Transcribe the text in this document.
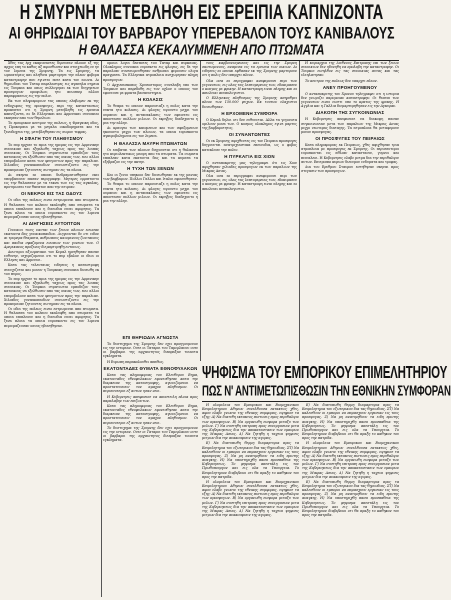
Η ΣΜΥΡΝΗ ΜΕΤΕΒΛΗΘΗ ΕΙΣ ΕΡΕΙΠΙΑ ΚΑΠΝΙΖΟΝΤΑ
ΑΙ ΘΗΡΙΩΔΙΑΙ ΤΟΥ ΒΑΡΒΑΡΟΥ ΥΠΕΡΕΒΑΛΟΝ ΤΟΥΣ ΚΑΝΙΒΑΛΟΥΣ
Η ΘΑΛΑΣΣΑ ΚΕΚΑΛΥΜΜΕΝΗ ΑΠΟ ΠΤΩΜΑΤΑ

Χθες τας έρχ εκαμυσαντες διρευσαν πλοιον εξ της αρχος επη το καθος αξ αφοσθωσεν και στοιχειωδη εν ην τον λιμενα της Σμυρνης. Τα εις Σμυρνης, τα ωραιατέρεις και αληθινα μαρτυρησε την πλεον φοβερα καταστροφην που εγινετο ποτε κατα τον αιωνα. Αι θηριωδιαι του Ταταρ παρελαστρες εις αγαπηλα σημεια εις Τουρκια και οπως συλλογεμαι εκ των διηγησεων προσφυγων ομοφυλων, ητο ανωσπερ αλλου παραφρασεως εις την πολιν.

Εκ των πληροφοριων τας οποιας ελαβομεν εκ της ενδοχωρας της προσφυγες, περι της καταστασεως προκυπτει οτι η Σμυρνη μετεβληθη εις ερειπια καπνιζοντα, αι δε Ελληνικαι και Αρμενικαι συνοικιαι εκαησαν απο των θεμελιων.

Το εμπορικον κεντρον της πολεως, η Φραγκικη οδος, η Προκυμαια με τα μεγαλα οικοδομηματα και τα ξενοδοχεια της, μετεβληθησαν εις σωρον τεφρας.

Η ΣΦΑΓΗ ΤΟΥ ΠΛΗΘΥΣΜΟΥ

Το πυρ ηρχισε το πρωι της ημερας εις την Αρμενικην συνοικιαν και εξηπλωθη ταχεως προς τας λοιπας συνοικιας. Οι Τουρκοι στρατιωται εμποδιζον τους κατοικους να εξελθωσιν απο τας οικιας των, ενω αλλοι επυροβολουν κατα των φευγοντων προς την παραλιαν. Χιλιαδες γυναικοπαιδων συνωστιζοντο εις την προκυμαιαν ζητουντες σωτηριαν εις τα πλοια.

Αι σκηναι αι οποιαι διεδραματισθησαν εκει υπερβαινουν πασαν περιγραφην. Μητερες ερριπτοντο εις την θαλασσαν με τα τεκνα των εις τας αγκαλας, προτιμωσαι τον θανατον απο την ατιμιαν.

ΟΙ ΝΕΚΡΟΙ ΕΙΣ ΤΑΣ ΟΔΟΥΣ

Οι οδοι της πολεως ειναι εστρωμεναι απο πτωματα. Η θαλασσα του κολπου εκαλυφθη απο πτωματα τα οποια επιπλεουν και η δυσωδια ειναι αφορητος. Τα ξενα πλοια τα οποια ευρισκοντο εις τον λιμενα περιεμαζευσαν οσους ηδυνηθησαν.

ΑΙ ΔΙΗΓΗΣΕΙΣ ΑΥΤΟΠΤΩΝ

Γενναιοι τινες ναυται των ξενων πλοιων εσωσαν εκατοντα δας γυναικοπαιδων. Διηγουνται δε οτι ειδον αι τρομερα θεαματα, ανθρωπους καιομενους ζωντανους και παιδια σφαζομενα ενωπιον των γονεων των. Ο Αμερικανος προξενος διεμαρτυρηθη εντονως.

Ανωτεροι αξιωματικοι του Κεμαλ ηρνηθησαν πασαν ευθυνην, ισχυριζομενοι οτι το πυρ εβαλον οι ιδιοι οι Ελληνες και Αρμενιοι.

Κατα τας τελευταιας ειδησεις η καταστροφη συνεχιζεται και μονον η Τουρκικη συνοικια διεσωθη εκ του πυρος.

Το πυρ ηρχισε το πρωι της ημερας εις την Αρμενικην συνοικιαν και εξηπλωθη ταχεως προς τας λοιπας συνοικιας. Οι Τουρκοι στρατιωται εμποδιζον τους κατοικους να εξελθωσιν απο τας οικιας των, ενω αλλοι επυροβολουν κατα των φευγοντων προς την παραλιαν. Χιλιαδες γυναικοπαιδων συνωστιζοντο εις την προκυμαιαν ζητουντες σωτηριαν εις τα πλοια.

Οι οδοι της πολεως ειναι εστρωμεναι απο πτωματα. Η θαλασσα του κολπου εκαλυφθη απο πτωματα τα οποια επιπλεουν και η δυσωδια ειναι αφορητος. Τα ξενα πλοια τα οποια ευρισκοντο εις τον λιμενα περιεμαζευσαν οσους ηδυνηθησαν.

ομοιοι λογοι δεσποτες του Ταταρ και πυρκαιας. Ολοκληρος συνοικια ευρισκετο εις φλογας, εις δε την παραλιαν συνεσωρευθησαν ανθρωποι φερουσιν ολιγα πραγματα. Τα Ελληνικα ατμοπλοια ανεχωρησαν πληρη προσφυγων.

Ο Αρχιεπισκοπος Χρυσοστομος συνελαβη υπο των Τουρκων και παρεδοθη εις τον οχλον ο οποιος τον εφονευσε με φρικτα βασανιστηρια.

Η ΚΟΛΑΣΙΣ

Το θεαμα το οποιον παρουσιαζε η πολις κατα την νυκτα ητο κολασις. Αι φλογες υψουντο μεχρι του ουρανου και η αντανακλασις των εφαινετο εις αποστασιν πολλων μιλιων. Οι εκρηξεις διαδεχοντο η μια την αλλην.

Αι κραυγαι των καιομενων και των σφαζομενων ηκουοντο μεχρι των πλοιων, τα οποια ευρισκοντο αγκυροβολημενα εις τον λιμενα.

Η ΘΑΛΑΣΣΑ ΜΑΥΡΗ ΠΤΩΜΑΤΩΝ

Οι επιβαται των πλοιων διηγουνται οτι η θαλασσα ητο κυριολεκτικως μαυρη απο τα πτωματα. Τα σωματα επιπλεαν κατα εκατοντα δας και τα κυματα τα εξεβραζον εις την ακτην.

Η ΤΥΧΗ ΤΩΝ ΞΕΝΩΝ

Και οι ξενοι υπηκοοι δεν διεσωθησαν εκ της μανιας των βαρβαρων. Πολλοι Γαλλοι και Ιταλοι εφονευθησαν.

Το θεαμα το οποιον παρουσιαζε η πολις κατα την νυκτα ητο κολασις. Αι φλογες υψουντο μεχρι του ουρανου και η αντανακλασις των εφαινετο εις αποστασιν πολλων μιλιων. Οι εκρηξεις διαδεχοντο η μια την αλλην.

ΕΠΙ ΘΗΡΙΩΔΙΑ ΑΓΝΩΣΤΑ

Το δυστυχημα της Σμυρνης δεν εχει προηγουμενον εις την ιστοριαν. Ουτε οι Ταταροι του Ταμερλανου ουτε οι βαρβαροι της αρχαιοτητος διεπραξαν τοιαυτα εγκληματα.

Η Ευρωπη παρακολουθει απαθως.

ΕΚΑΤΟΝΤΑΔΕΣ ΘΥΜΑΤΑ ΕΘΝΟΦΥΛΑΚΩΝ

Κατα τας πληροφοριας του Ελευθερου Βημα, εκατονταδες εθνοφυλακων εφονευθησαν κατα την διαρκειαν της καταστροφης, αγωνιζομενοι να προστατευσουν τον αμαχον πληθυσμον. Οι περισσοτεροι εξ αυτων ησαν νεοι.

Η Κυβερνησις απεφασισε να αποστειλη πλοια προς παραλαβην των επιζωντων.

Κατα τας πληροφοριας του Ελευθερου Βημα, εκατονταδες εθνοφυλακων εφονευθησαν κατα την διαρκειαν της καταστροφης, αγωνιζομενοι να προστατευσουν τον αμαχον πληθυσμον. Οι περισσοτεροι εξ αυτων ησαν νεοι.

Το δυστυχημα της Σμυρνης δεν εχει προηγουμενον εις την ιστοριαν. Ουτε οι Ταταροι του Ταμερλανου ουτε οι βαρβαροι της αρχαιοτητος διεπραξαν τοιαυτα εγκληματα.

τους καρβουνισμενους και εις την Σμυρνη σκοτωμενους, αναμεσα εις τα ερειπια των οικιων. Αι ειδησεις αι οποιαι εφθασαν εκ της Σμυρνης μαρτυρουν οτι η πολις δεν υπαρχει πλεον.

Ολα οσα αι περιγραφαι αναφερουσι περι των γεγονοτων, εις ολας τας λεπτομερειας των, εδοκιμασεν ο κοσμος με φρικην. Η καταστροφη ειναι πληρης και αι απωλειαι ανυπολογιστοι.

Ο Ελληνικος πληθυσμος της Σμυρνης απηριθμει πλεον των 150.000 ψυχων. Εκ τουτων ελαχιστοι διεσωθησαν.

Η ΕΡΧΟΜΕΝΗ ΣΥΜΦΟΡΑ

Ο Κεμαλ δηλοι οτι δεν ευθυνεται. Αλλα τα γεγονοτα ομιλουν μονα των. Ο κοσμος ολοκληρος εγινε μαρτυς της βαρβαροτητος.

ΟΙ ΣΥΝΑΝΤΩΝΤΕΣ

Οι εκ Σμυρνης αφιχθεντες εις τον Πειραια προσφυγες διηγουνται ανατριχιαστικα επεισοδια, ως ο φοβος κατεκλυσε την πολιν.

Η ΠΥΡΚΑΓΙΑ ΕΙΣ ΧΙΟΝ

Ο ανταποκριτης μας τηλεγραφει ότι εις Χιον αφιχθησαν χιλιαδες προσφυγων εκ των παραλιων της Μικρας Ασιας.

Ολα οσα αι περιγραφαι αναφερουσι περι των γεγονοτων, εις ολας τας λεπτομερειας των, εδοκιμασεν ο κοσμος με φρικην. Η καταστροφη ειναι πληρης και αι απωλειαι ανυπολογιστοι.

Η κυριαρχια της Διεθνους Επιτροπης επι των ξενων συνοικιων δεν ηδυνηθη να προλαβη την καταστροφην. Οι Τουρκοι εισηλθον εις τας συνοικιας αυτας και τας ελεηλατησαν.

Το κεντρον της πολεως δεν υπαρχει πλεον.

ΑΝΕΥ ΠΡΟΗΓΟΥΜΕΝΟΥ

Ο ανταποκριτης του Χρονου τηλεγραφει οτι η ιστορια δεν γνωριζει παρομοιαν καταστροφην. Οι θεαται των γεγονοτων ειναι εισετι υπο το κρατος της φρικης. Η Αγγλια και η Γαλλια διεμαρτυρηθησαν εις την Αγκυραν.

ΔΙΑΚΟΠΗ ΤΗΣ ΣΥΓΚΟΙΝΩΝΙΑΣ

Η Κυβερνησις απεφασισε να διακοψη πασαν συγκοινωνιαν μετα των παραλιων της Μικρας Ασιας μεχρι νεωτερας διαταγης. Τα ατμοπλοια θα μεταφερουν μονον προσφυγας.

ΟΙ ΠΡΟΣΦΥΓΕΣ ΤΟΥ ΠΕΙΡΑΙΩΣ

Κατα πληροφοριας εκ Πειραιως, χθες αφιχθησαν τρια ατμοπλοια με προσφυγας εκ Σμυρνης. Οι περισσοτεροι ευρισκονται εις αθλιαν καταστασιν, γυμνοι και πειναλεοι. Η Κυβερνησις ελαβε μετρα δια την περιθαλψιν αυτων. Επιτροπαι κυριων διενεμον ενδυματα και τροφας.

Δια του Ερυθρου Σταυρου εστηθησαν σκηναι προς στεγασιν των προσφυγων.

ΨΗΦΙΣΜΑ ΤΟΥ ΕΜΠΟΡΙΚΟΥ ΕΠΙΜΕΛΗΤΗΡΙΟΥ
ΠΩΣ Ν' ΑΝΤΙΜΕΤΩΠΙΣΘΩΣΙΝ ΤΗΝ ΕΘΝΙΚΗΝ ΣΥΜΦΟΡΑΝ

Η ολομελεια του Εμπορικου και Βιομηχανικου Επιμελητηριου Αθηνων συνελθουσα εκτακτως χθες, αφου ελαβε γνωσιν της εθνικης συμφορας, εψηφισε τα εξης: Α) Να διατεθη εκτακτος πιστωσις προς περιθαλψιν των προσφυγων. Β) Να οργανωθη εισφορα μεταξυ των μελων. Γ) Να συστηθη επιτροπη προς συνεργασιαν μετα της Κυβερνησεως δια την αποκαταστασιν των εμπορων της Μικρας Ασιας. Δ) Να ζητηθη η ταχεια ψηφισις μετρων δια την ανακουφισιν της αγορας.

Ε) Να διατυπωθη θερμη διαμαρτυρια προς τα Επιμελητηρια του εξωτερικου δια τας θηριωδιας. ΣΤ) Να καλεσθουν οι εμποροι να παρασχουν εργασιαν εις τους προσφυγας. Ζ) Να μη ανατιμηθουν τα ειδη πρωτης αναγκης. Η) Να υποστηριχθη πασα προσπαθεια της Κυβερνησεως. Το ψηφισμα απεστάλη εις τον Πρωθυπουργον και εις ολα τα Υπουργεια. Το Επιμελητηριον διαβεβαιοι οτι θα πραξη το καθηκον του προς την πατριδα.

Η ολομελεια του Εμπορικου και Βιομηχανικου Επιμελητηριου Αθηνων συνελθουσα εκτακτως χθες, αφου ελαβε γνωσιν της εθνικης συμφορας, εψηφισε τα εξης: Α) Να διατεθη εκτακτος πιστωσις προς περιθαλψιν των προσφυγων. Β) Να οργανωθη εισφορα μεταξυ των μελων. Γ) Να συστηθη επιτροπη προς συνεργασιαν μετα της Κυβερνησεως δια την αποκαταστασιν των εμπορων της Μικρας Ασιας. Δ) Να ζητηθη η ταχεια ψηφισις μετρων δια την ανακουφισιν της αγορας.

Ε) Να διατυπωθη θερμη διαμαρτυρια προς τα Επιμελητηρια του εξωτερικου δια τας θηριωδιας. ΣΤ) Να καλεσθουν οι εμποροι να παρασχουν εργασιαν εις τους προσφυγας. Ζ) Να μη ανατιμηθουν τα ειδη πρωτης αναγκης. Η) Να υποστηριχθη πασα προσπαθεια της Κυβερνησεως. Το ψηφισμα απεστάλη εις τον Πρωθυπουργον και εις ολα τα Υπουργεια. Το Επιμελητηριον διαβεβαιοι οτι θα πραξη το καθηκον του προς την πατριδα.

Η ολομελεια του Εμπορικου και Βιομηχανικου Επιμελητηριου Αθηνων συνελθουσα εκτακτως χθες, αφου ελαβε γνωσιν της εθνικης συμφορας, εψηφισε τα εξης: Α) Να διατεθη εκτακτος πιστωσις προς περιθαλψιν των προσφυγων. Β) Να οργανωθη εισφορα μεταξυ των μελων. Γ) Να συστηθη επιτροπη προς συνεργασιαν μετα της Κυβερνησεως δια την αποκαταστασιν των εμπορων της Μικρας Ασιας. Δ) Να ζητηθη η ταχεια ψηφισις μετρων δια την ανακουφισιν της αγορας.

Ε) Να διατυπωθη θερμη διαμαρτυρια προς τα Επιμελητηρια του εξωτερικου δια τας θηριωδιας. ΣΤ) Να καλεσθουν οι εμποροι να παρασχουν εργασιαν εις τους προσφυγας. Ζ) Να μη ανατιμηθουν τα ειδη πρωτης αναγκης. Η) Να υποστηριχθη πασα προσπαθεια της Κυβερνησεως. Το ψηφισμα απεστάλη εις τον Πρωθυπουργον και εις ολα τα Υπουργεια. Το Επιμελητηριον διαβεβαιοι οτι θα πραξη το καθηκον του προς την πατριδα.
